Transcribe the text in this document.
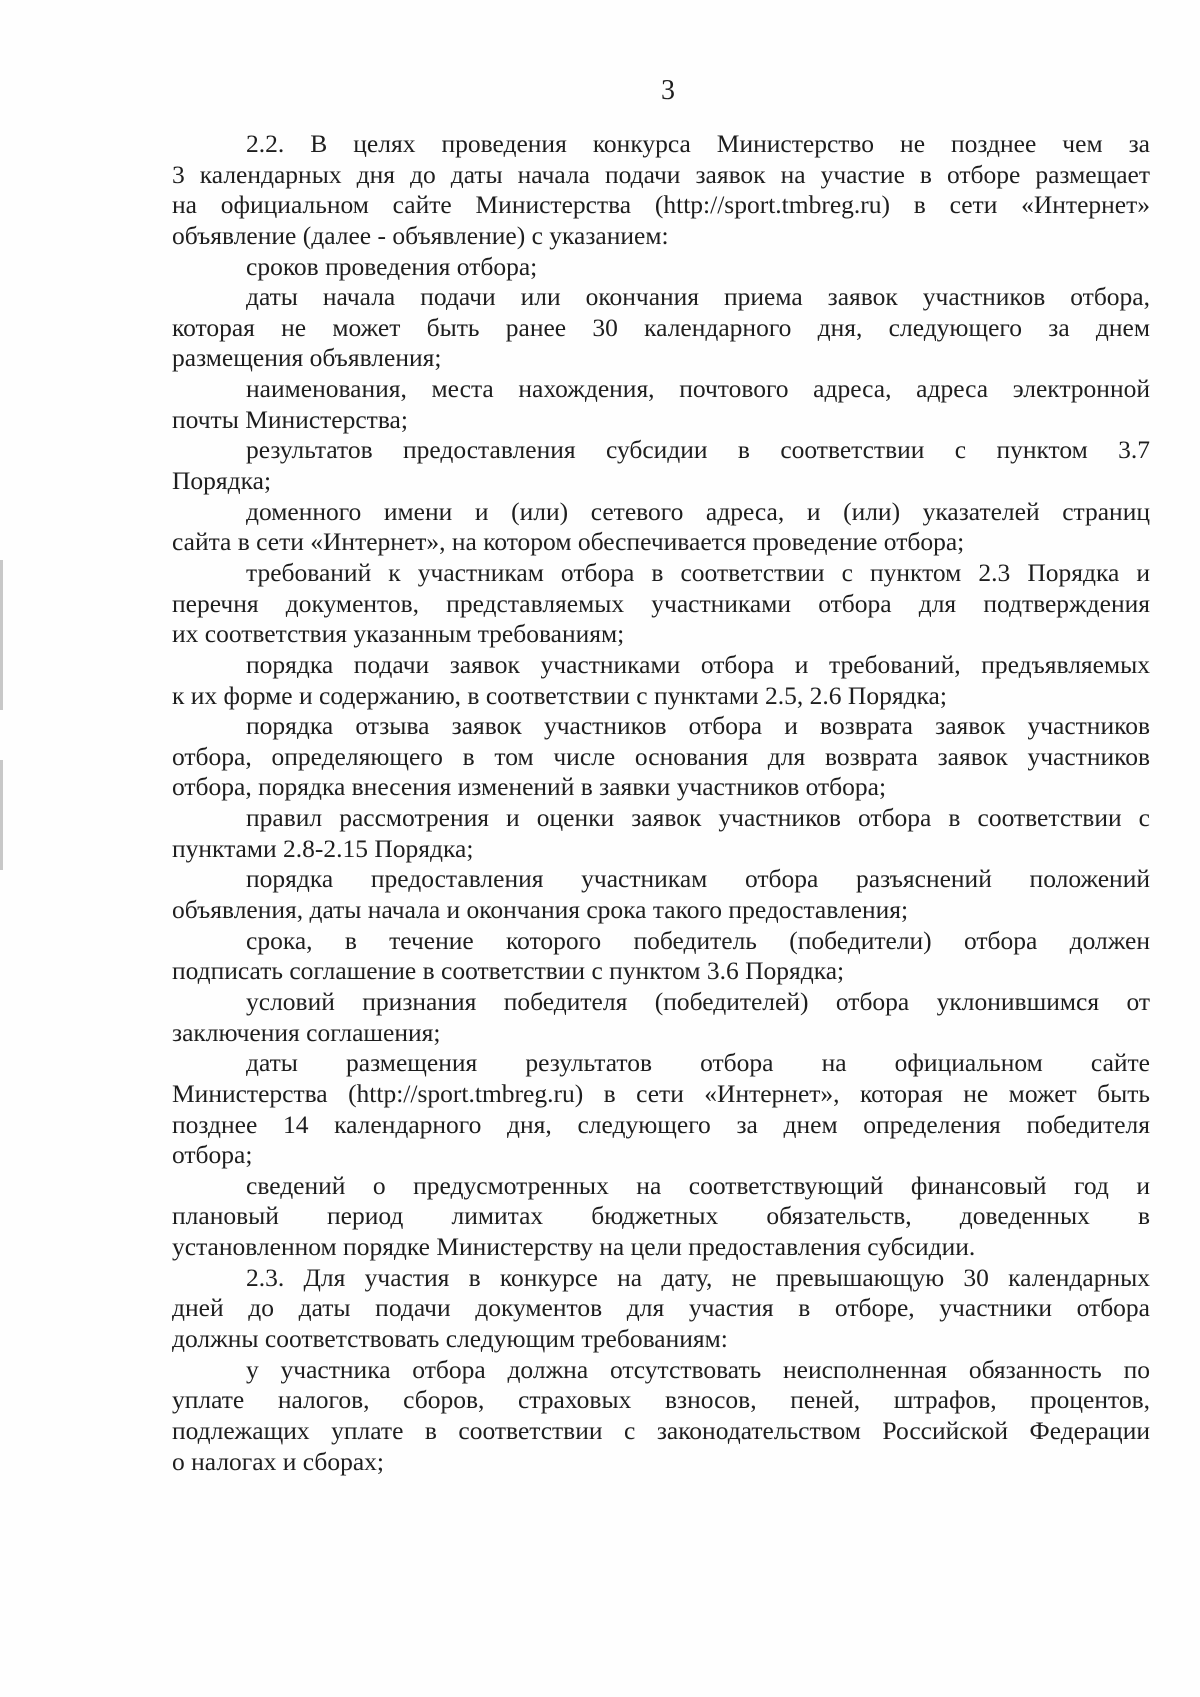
3
2.2. В целях проведения конкурса Министерство не позднее чем за
3 календарных дня до даты начала подачи заявок на участие в отборе размещает
на официальном сайте Министерства (http://sport.tmbreg.ru) в сети «Интернет»
объявление (далее - объявление) с указанием:
сроков проведения отбора;
даты начала подачи или окончания приема заявок участников отбора,
которая не может быть ранее 30 календарного дня, следующего за днем
размещения объявления;
наименования, места нахождения, почтового адреса, адреса электронной
почты Министерства;
результатов предоставления субсидии в соответствии с пунктом 3.7
Порядка;
доменного имени и (или) сетевого адреса, и (или) указателей страниц
сайта в сети «Интернет», на котором обеспечивается проведение отбора;
требований к участникам отбора в соответствии с пунктом 2.3 Порядка и
перечня документов, представляемых участниками отбора для подтверждения
их соответствия указанным требованиям;
порядка подачи заявок участниками отбора и требований, предъявляемых
к их форме и содержанию, в соответствии с пунктами 2.5, 2.6 Порядка;
порядка отзыва заявок участников отбора и возврата заявок участников
отбора, определяющего в том числе основания для возврата заявок участников
отбора, порядка внесения изменений в заявки участников отбора;
правил рассмотрения и оценки заявок участников отбора в соответствии с
пунктами 2.8-2.15 Порядка;
порядка предоставления участникам отбора разъяснений положений
объявления, даты начала и окончания срока такого предоставления;
срока, в течение которого победитель (победители) отбора должен
подписать соглашение в соответствии с пунктом 3.6 Порядка;
условий признания победителя (победителей) отбора уклонившимся от
заключения соглашения;
даты размещения результатов отбора на официальном сайте
Министерства (http://sport.tmbreg.ru) в сети «Интернет», которая не может быть
позднее 14 календарного дня, следующего за днем определения победителя
отбора;
сведений о предусмотренных на соответствующий финансовый год и
плановый период лимитах бюджетных обязательств, доведенных в
установленном порядке Министерству на цели предоставления субсидии.
2.3. Для участия в конкурсе на дату, не превышающую 30 календарных
дней до даты подачи документов для участия в отборе, участники отбора
должны соответствовать следующим требованиям:
у участника отбора должна отсутствовать неисполненная обязанность по
уплате налогов, сборов, страховых взносов, пеней, штрафов, процентов,
подлежащих уплате в соответствии с законодательством Российской Федерации
о налогах и сборах;
